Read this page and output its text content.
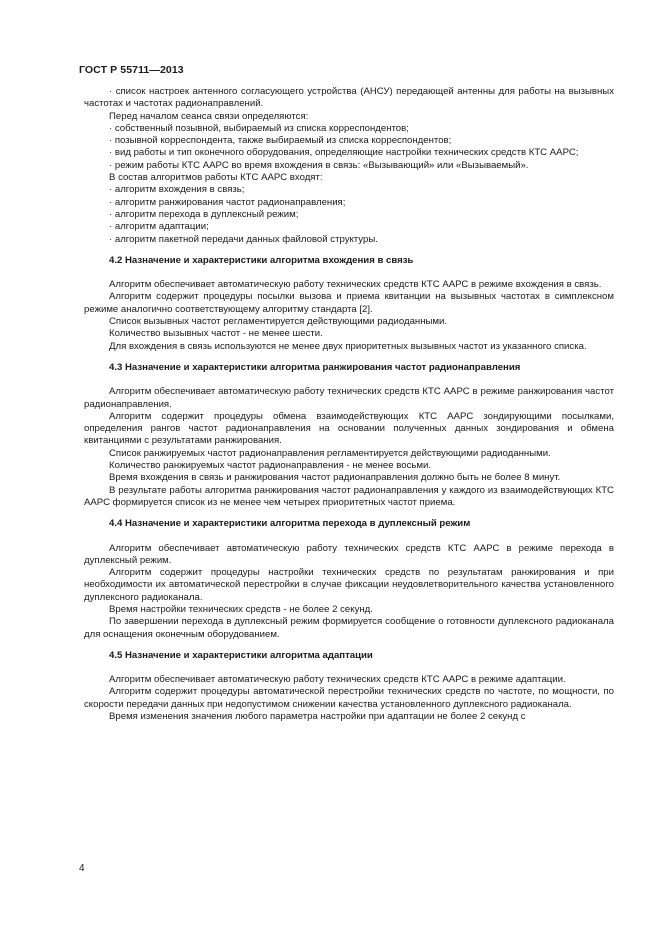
ГОСТ Р 55711—2013

· список настроек антенного согласующего устройства (АНСУ) передающей антенны для работы на вызывных частотах и частотах радионаправлений.

Перед началом сеанса связи определяются:

· собственный позывной, выбираемый из списка корреспондентов;

· позывной корреспондента, также выбираемый из списка корреспондентов;

· вид работы и тип оконечного оборудования, определяющие настройки технических средств КТС ААРС;

· режим работы КТС ААРС во время вхождения в связь: «Вызывающий» или «Вызываемый».

В состав алгоритмов работы КТС ААРС входят:

· алгоритм вхождения в связь;

· алгоритм ранжирования частот радионаправления;

· алгоритм перехода в дуплексный режим;

· алгоритм адаптации;

· алгоритм пакетной передачи данных файловой структуры.

4.2 Назначение и характеристики алгоритма вхождения в связь

Алгоритм обеспечивает автоматическую работу технических средств КТС ААРС в режиме вхождения в связь.

Алгоритм содержит процедуры посылки вызова и приема квитанции на вызывных частотах в симплексном режиме аналогично соответствующему алгоритму стандарта [2].

Список вызывных частот регламентируется действующими радиоданными.

Количество вызывных частот - не менее шести.

Для вхождения в связь используются не менее двух приоритетных вызывных частот из указанного списка.

4.3 Назначение и характеристики алгоритма ранжирования частот радионаправления

Алгоритм обеспечивает автоматическую работу технических средств КТС ААРС в режиме ранжирования частот радионаправления.

Алгоритм содержит процедуры обмена взаимодействующих КТС ААРС зондирующими посылками, определения рангов частот радионаправления на основании полученных данных зондирования и обмена квитанциями с результатами ранжирования.

Список ранжируемых частот радионаправления регламентируется действующими радиоданными.

Количество ранжируемых частот радионаправления - не менее восьми.

Время вхождения в связь и ранжирования частот радионаправления должно быть не более 8 минут.

В результате работы алгоритма ранжирования частот радионаправления у каждого из взаимодействующих КТС ААРС формируется список из не менее чем четырех приоритетных частот приема.

4.4 Назначение и характеристики алгоритма перехода в дуплексный режим

Алгоритм обеспечивает автоматическую работу технических средств КТС ААРС в режиме перехода в дуплексный режим.

Алгоритм содержит процедуры настройки технических средств по результатам ранжирования и при необходимости их автоматической перестройки в случае фиксации неудовлетворительного качества установленного дуплексного радиоканала.

Время настройки технических средств - не более 2 секунд.

По завершении перехода в дуплексный режим формируется сообщение о готовности дуплексного радиоканала для оснащения оконечным оборудованием.

4.5 Назначение и характеристики алгоритма адаптации

Алгоритм обеспечивает автоматическую работу технических средств КТС ААРС в режиме адаптации.

Алгоритм содержит процедуры автоматической перестройки технических средств по частоте, по мощности, по скорости передачи данных при недопустимом снижении качества установленного дуплексного радиоканала.

Время изменения значения любого параметра настройки при адаптации не более 2 секунд с

4
